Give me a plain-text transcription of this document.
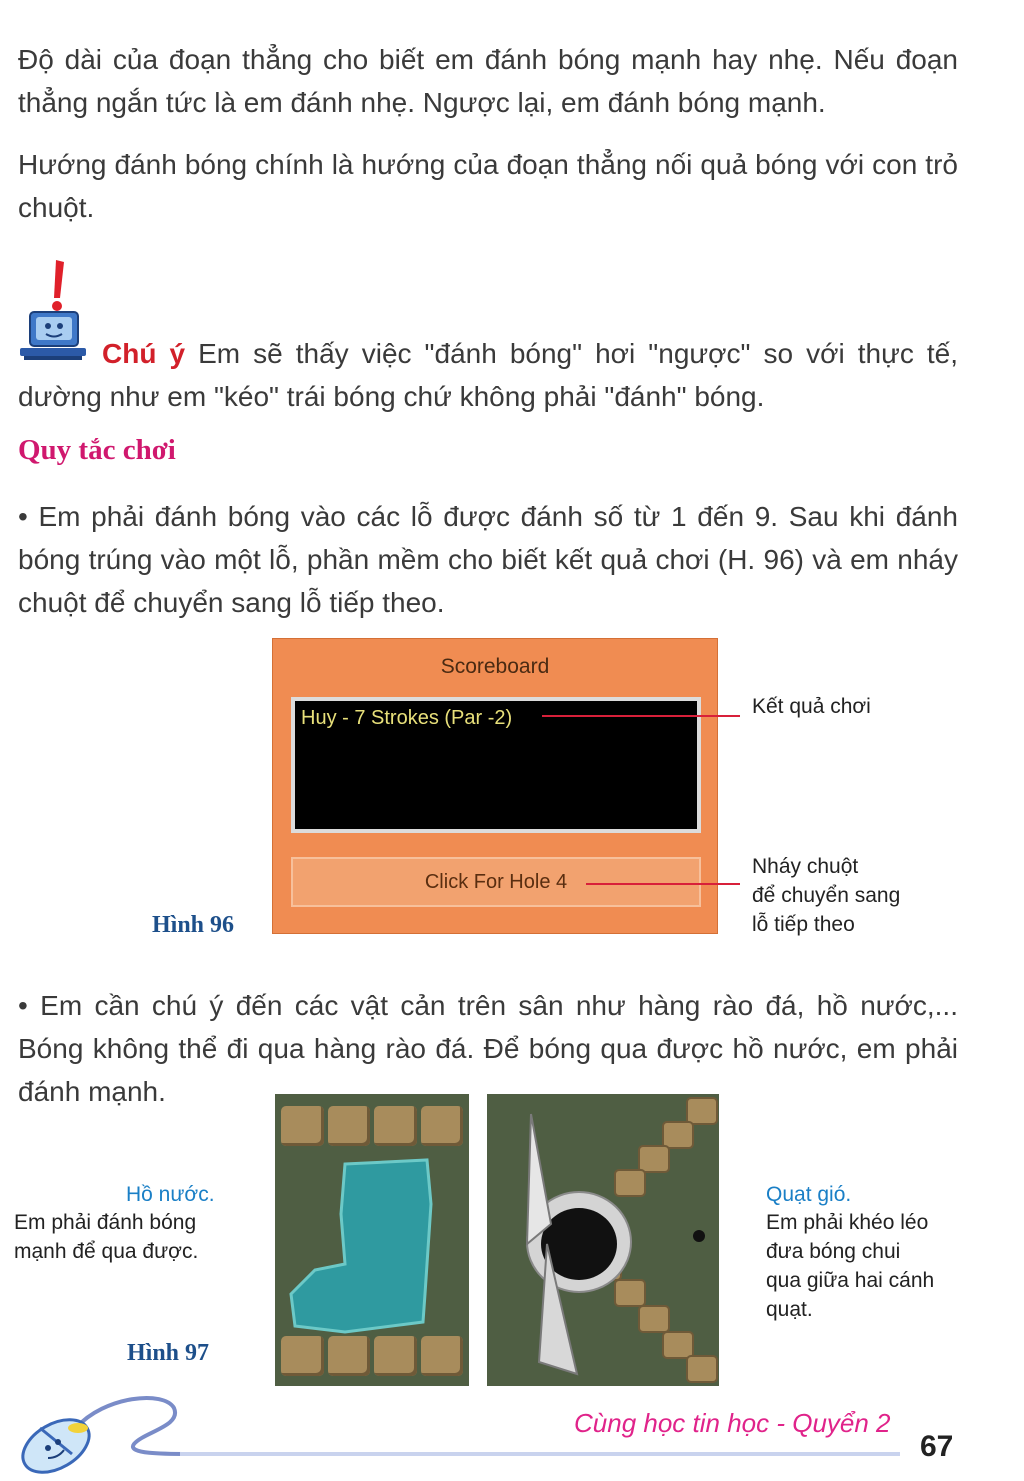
Độ dài của đoạn thẳng cho biết em đánh bóng mạnh hay nhẹ. Nếu đoạn thẳng ngắn tức là em đánh nhẹ. Ngược lại, em đánh bóng mạnh.
Hướng đánh bóng chính là hướng của đoạn thẳng nối quả bóng với con trỏ chuột.
Chú ý Em sẽ thấy việc "đánh bóng" hơi "ngược" so với thực tế, dường như em "kéo" trái bóng chứ không phải "đánh" bóng.
Quy tắc chơi
• Em phải đánh bóng vào các lỗ được đánh số từ 1 đến 9. Sau khi đánh bóng trúng vào một lỗ, phần mềm cho biết kết quả chơi (H. 96) và em nháy chuột để chuyển sang lỗ tiếp theo.
Scoreboard
Huy - 7 Strokes (Par -2)
Click For Hole 4
Kết quả chơi
Nháy chuột
để chuyển sang
lỗ tiếp theo
Hình 96
• Em cần chú ý đến các vật cản trên sân như hàng rào đá, hồ nước,... Bóng không thể đi qua hàng rào đá. Để bóng qua được hồ nước, em phải đánh mạnh.
Hồ nước.
Em phải đánh bóng
mạnh để qua được.
Quạt gió.
Em phải khéo léo
đưa bóng chui
qua giữa hai cánh
quạt.
Hình 97
Cùng học tin học - Quyển 2
67
